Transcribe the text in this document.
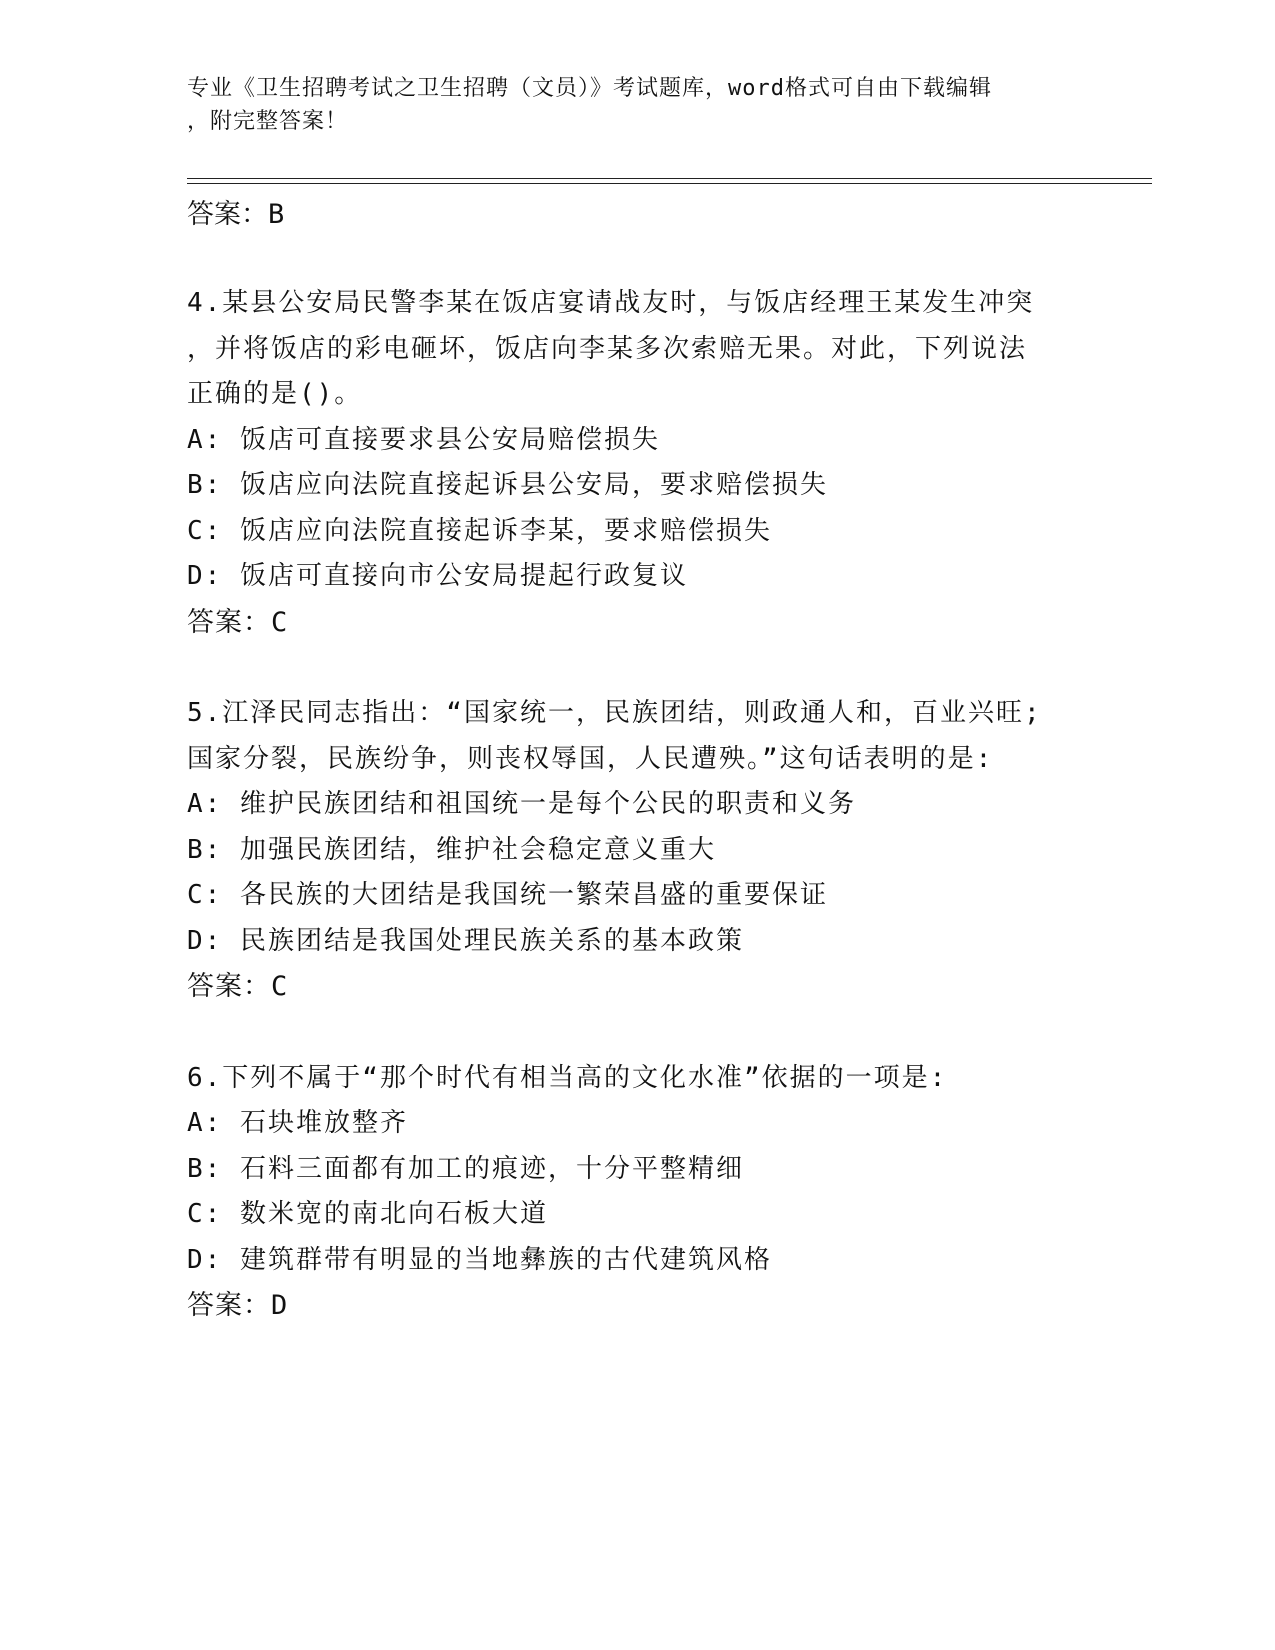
专业《卫生招聘考试之卫生招聘（文员）》考试题库，word格式可自由下载编辑
，附完整答案！
答案：B
4.某县公安局民警李某在饭店宴请战友时，与饭店经理王某发生冲突
，并将饭店的彩电砸坏，饭店向李某多次索赔无果。对此，下列说法
正确的是()。
A: 饭店可直接要求县公安局赔偿损失
B: 饭店应向法院直接起诉县公安局，要求赔偿损失
C: 饭店应向法院直接起诉李某，要求赔偿损失
D: 饭店可直接向市公安局提起行政复议
答案：C
5.江泽民同志指出：“国家统一，民族团结，则政通人和，百业兴旺;
国家分裂，民族纷争，则丧权辱国，人民遭殃。”这句话表明的是:
A: 维护民族团结和祖国统一是每个公民的职责和义务
B: 加强民族团结，维护社会稳定意义重大
C: 各民族的大团结是我国统一繁荣昌盛的重要保证
D: 民族团结是我国处理民族关系的基本政策
答案：C
6.下列不属于“那个时代有相当高的文化水准”依据的一项是:
A: 石块堆放整齐
B: 石料三面都有加工的痕迹，十分平整精细
C: 数米宽的南北向石板大道
D: 建筑群带有明显的当地彝族的古代建筑风格
答案：D
